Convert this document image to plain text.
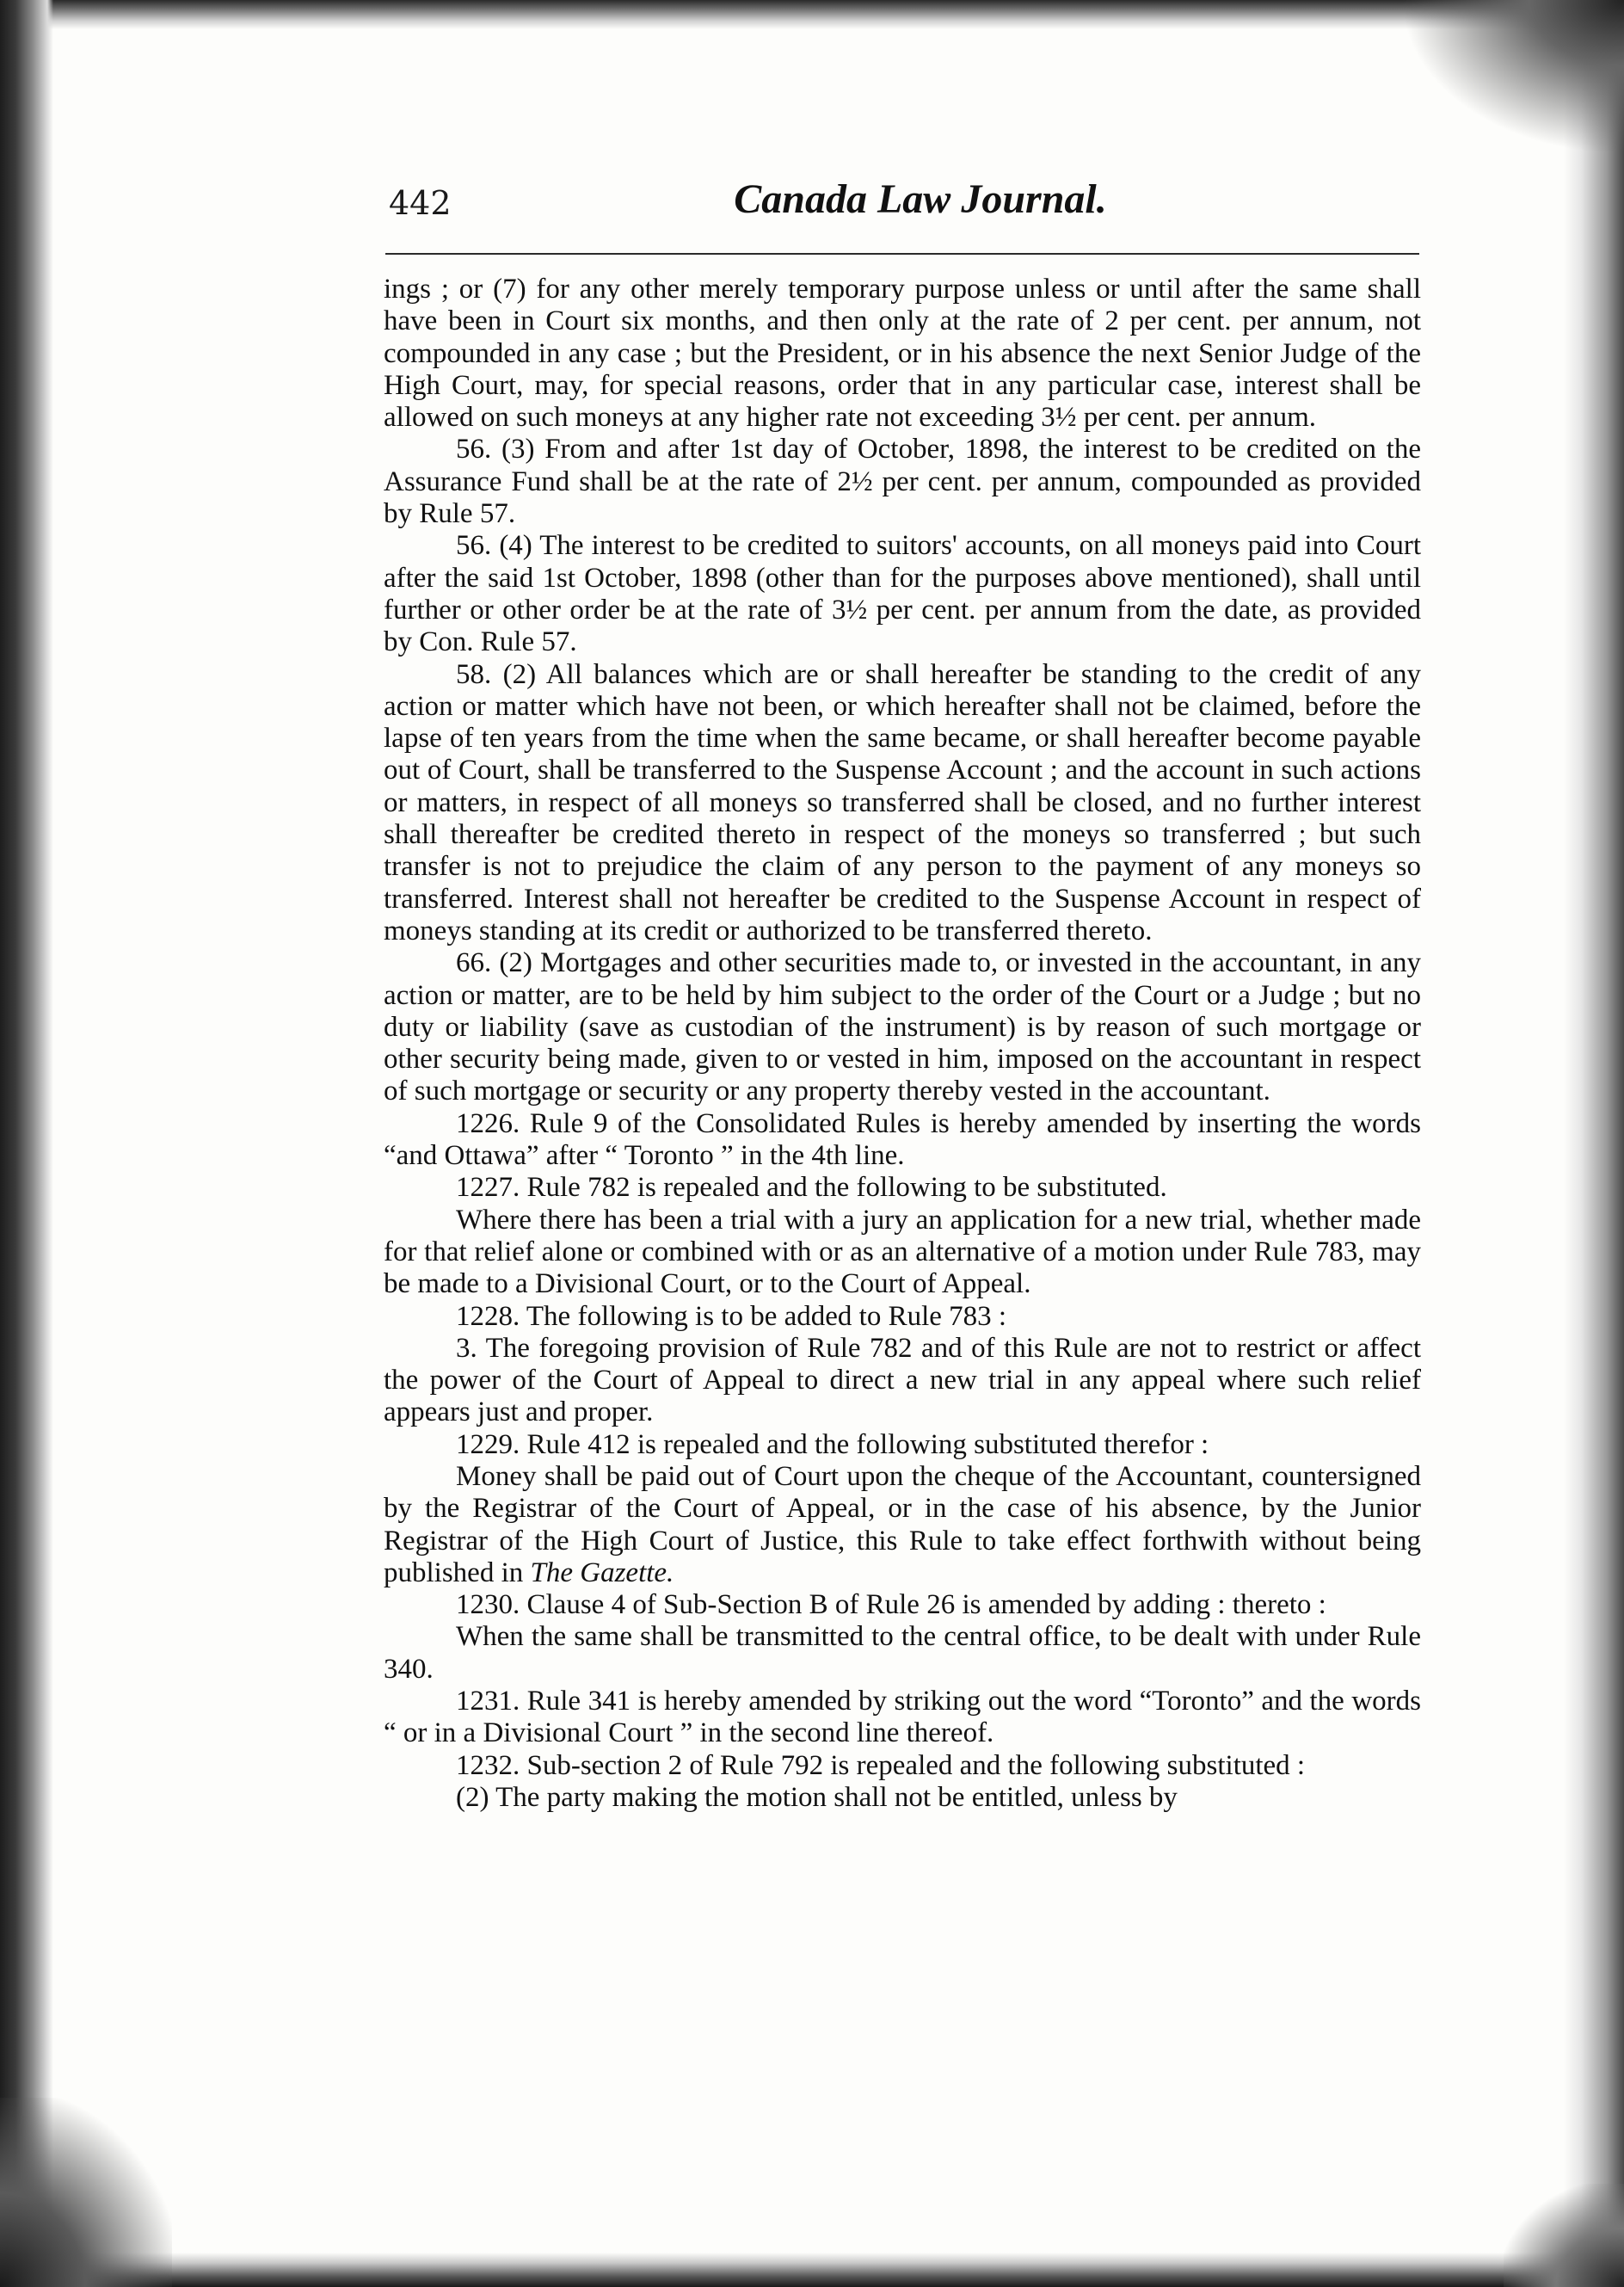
442	Canada Law Journal.

ings ; or (7) for any other merely temporary purpose unless or until after the same shall have been in Court six months, and then only at the rate of 2 per cent. per annum, not compounded in any case ; but the President, or in his absence the next Senior Judge of the High Court, may, for special reasons, order that in any particular case, interest shall be allowed on such moneys at any higher rate not exceeding 3½ per cent. per annum.

56. (3) From and after 1st day of October, 1898, the interest to be credited on the Assurance Fund shall be at the rate of 2½ per cent. per annum, compounded as provided by Rule 57.

56. (4) The interest to be credited to suitors' accounts, on all moneys paid into Court after the said 1st October, 1898 (other than for the purposes above mentioned), shall until further or other order be at the rate of 3½ per cent. per annum from the date, as provided by Con. Rule 57.

58. (2) All balances which are or shall hereafter be standing to the credit of any action or matter which have not been, or which hereafter shall not be claimed, before the lapse of ten years from the time when the same became, or shall hereafter become payable out of Court, shall be transferred to the Suspense Account ; and the account in such actions or matters, in respect of all moneys so transferred shall be closed, and no further interest shall thereafter be credited thereto in respect of the moneys so transferred ; but such transfer is not to prejudice the claim of any person to the payment of any moneys so transferred. Interest shall not hereafter be credited to the Suspense Account in respect of moneys standing at its credit or authorized to be transferred thereto.

66. (2) Mortgages and other securities made to, or invested in the accountant, in any action or matter, are to be held by him subject to the order of the Court or a Judge ; but no duty or liability (save as custodian of the instrument) is by reason of such mortgage or other security being made, given to or vested in him, imposed on the accountant in respect of such mortgage or security or any property thereby vested in the accountant.

1226. Rule 9 of the Consolidated Rules is hereby amended by inserting the words “and Ottawa” after “ Toronto ” in the 4th line.

1227. Rule 782 is repealed and the following to be substituted.

Where there has been a trial with a jury an application for a new trial, whether made for that relief alone or combined with or as an alternative of a motion under Rule 783, may be made to a Divisional Court, or to the Court of Appeal.

1228. The following is to be added to Rule 783 :

3. The foregoing provision of Rule 782 and of this Rule are not to restrict or affect the power of the Court of Appeal to direct a new trial in any appeal where such relief appears just and proper.

1229. Rule 412 is repealed and the following substituted therefor :

Money shall be paid out of Court upon the cheque of the Accountant, countersigned by the Registrar of the Court of Appeal, or in the case of his absence, by the Junior Registrar of the High Court of Justice, this Rule to take effect forthwith without being published in The Gazette.

1230. Clause 4 of Sub-Section B of Rule 26 is amended by adding : thereto :

When the same shall be transmitted to the central office, to be dealt with under Rule 340.

1231. Rule 341 is hereby amended by striking out the word “Toronto” and the words “ or in a Divisional Court ” in the second line thereof.

1232. Sub-section 2 of Rule 792 is repealed and the following substituted :

(2) The party making the motion shall not be entitled, unless by
